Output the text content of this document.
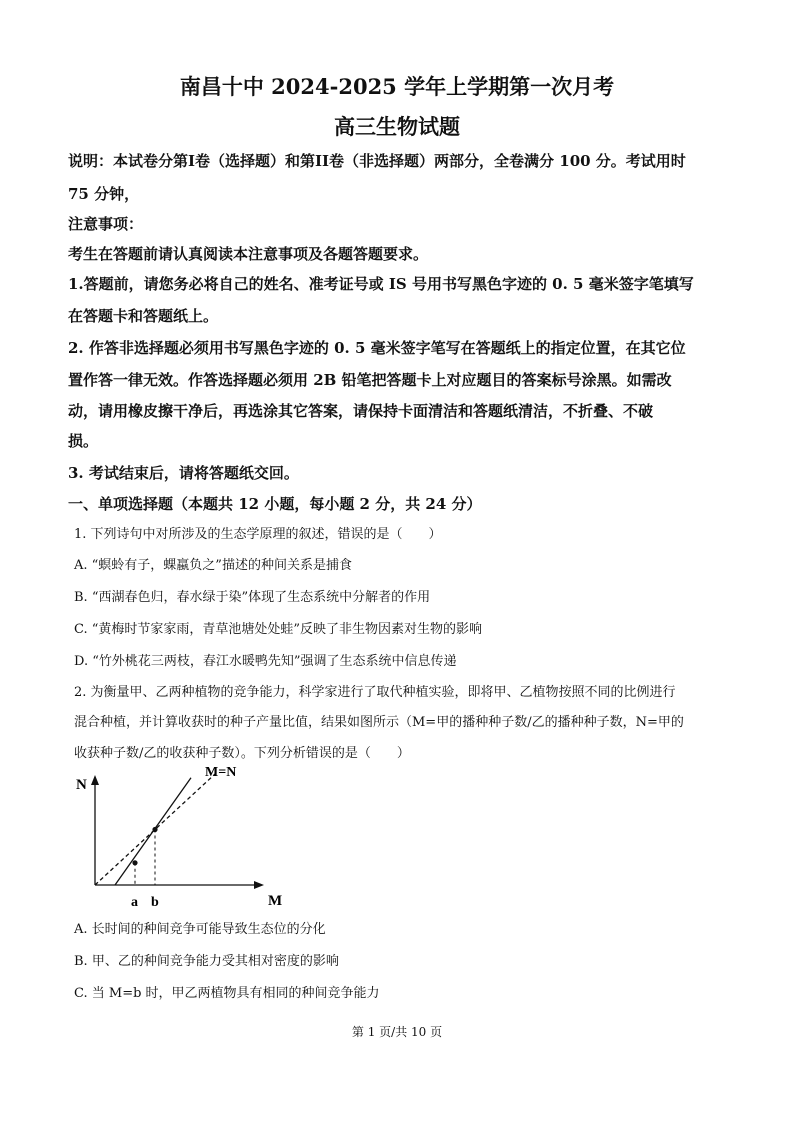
南昌十中 2024-2025 学年上学期第一次月考
高三生物试题
说明：本试卷分第I卷（选择题）和第II卷（非选择题）两部分，全卷满分 100 分。考试用时
75 分钟，
注意事项：
考生在答题前请认真阅读本注意事项及各题答题要求。
1.答题前，请您务必将自己的姓名、准考证号或 IS 号用书写黑色字迹的 0. 5 毫米签字笔填写
在答题卡和答题纸上。
2. 作答非选择题必须用书写黑色字迹的 0. 5 毫米签字笔写在答题纸上的指定位置，在其它位
置作答一律无效。作答选择题必须用 2B 铅笔把答题卡上对应题目的答案标号涂黑。如需改
动，请用橡皮擦干净后，再选涂其它答案，请保持卡面清洁和答题纸清洁，不折叠、不破
损。
3. 考试结束后，请将答题纸交回。
一、单项选择题（本题共 12 小题，每小题 2 分，共 24 分）
1. 下列诗句中对所涉及的生态学原理的叙述，错误的是（　　）
A. “螟蛉有子，蜾蠃负之”描述的种间关系是捕食
B. “西湖春色归，春水绿于染”体现了生态系统中分解者的作用
C. “黄梅时节家家雨，青草池塘处处蛙”反映了非生物因素对生物的影响
D. “竹外桃花三两枝，春江水暖鸭先知”强调了生态系统中信息传递
2. 为衡量甲、乙两种植物的竞争能力，科学家进行了取代种植实验，即将甲、乙植物按照不同的比例进行
混合种植，并计算收获时的种子产量比值，结果如图所示（M=甲的播种种子数/乙的播种种子数，N=甲的
收获种子数/乙的收获种子数）。下列分析错误的是（　　）
M
N
M=N
a b
A. 长时间的种间竞争可能导致生态位的分化
B. 甲、乙的种间竞争能力受其相对密度的影响
C. 当 M=b 时，甲乙两植物具有相同的种间竞争能力
第 1 页/共 10 页
